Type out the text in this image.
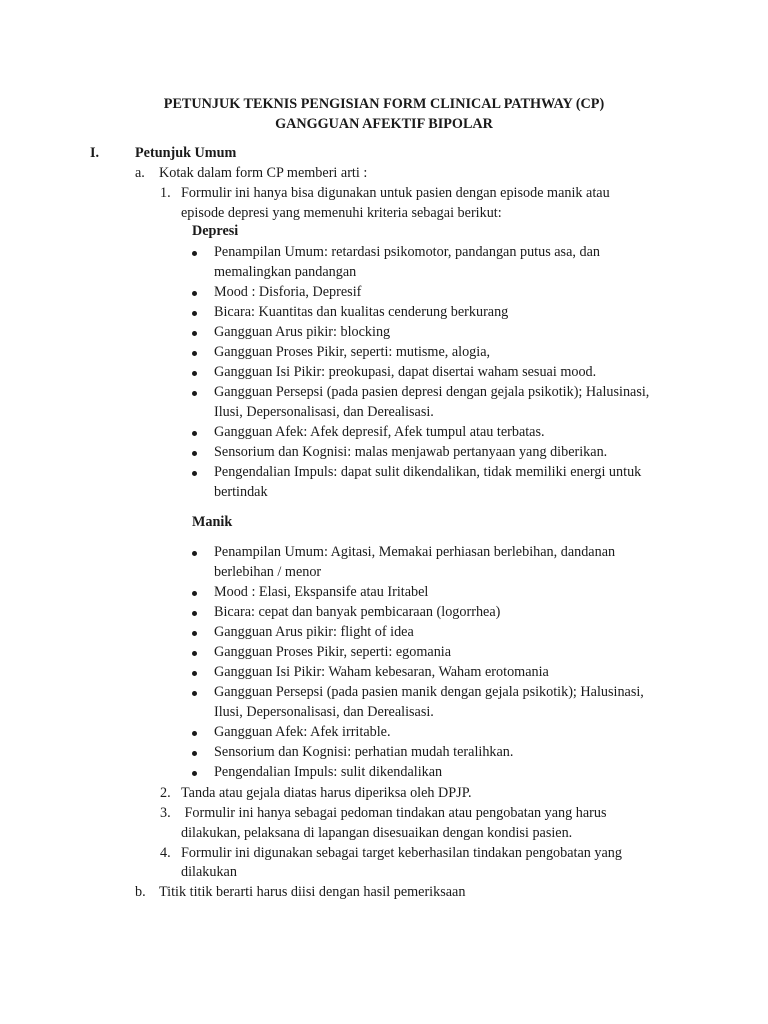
PETUNJUK TEKNIS PENGISIAN FORM CLINICAL PATHWAY (CP)
GANGGUAN AFEKTIF BIPOLAR
I.	Petunjuk Umum
a. Kotak dalam form CP memberi arti :
1. Formulir ini hanya bisa digunakan untuk pasien dengan episode manik atau
episode depresi yang memenuhi kriteria sebagai berikut:
Depresi
Penampilan Umum: retardasi psikomotor, pandangan putus asa, dan
memalingkan pandangan
Mood : Disforia, Depresif
Bicara: Kuantitas dan kualitas cenderung berkurang
Gangguan Arus pikir: blocking
Gangguan Proses Pikir, seperti: mutisme, alogia,
Gangguan Isi Pikir: preokupasi, dapat disertai waham sesuai mood.
Gangguan Persepsi (pada pasien depresi dengan gejala psikotik); Halusinasi,
Ilusi, Depersonalisasi, dan Derealisasi.
Gangguan Afek: Afek depresif, Afek tumpul atau terbatas.
Sensorium dan Kognisi: malas menjawab pertanyaan yang diberikan.
Pengendalian Impuls: dapat sulit dikendalikan, tidak memiliki energi untuk
bertindak
Manik
Penampilan Umum: Agitasi, Memakai perhiasan berlebihan, dandanan
berlebihan / menor
Mood : Elasi, Ekspansife atau Iritabel
Bicara: cepat dan banyak pembicaraan (logorrhea)
Gangguan Arus pikir: flight of idea
Gangguan Proses Pikir, seperti: egomania
Gangguan Isi Pikir: Waham kebesaran, Waham erotomania
Gangguan Persepsi (pada pasien manik dengan gejala psikotik); Halusinasi,
Ilusi, Depersonalisasi, dan Derealisasi.
Gangguan Afek: Afek irritable.
Sensorium dan Kognisi: perhatian mudah teralihkan.
Pengendalian Impuls: sulit dikendalikan
2. Tanda atau gejala diatas harus diperiksa oleh DPJP.
3. Formulir ini hanya sebagai pedoman tindakan atau pengobatan yang harus
dilakukan, pelaksana di lapangan disesuaikan dengan kondisi pasien.
4. Formulir ini digunakan sebagai target keberhasilan tindakan pengobatan yang
dilakukan
b. Titik titik berarti harus diisi dengan hasil pemeriksaan
